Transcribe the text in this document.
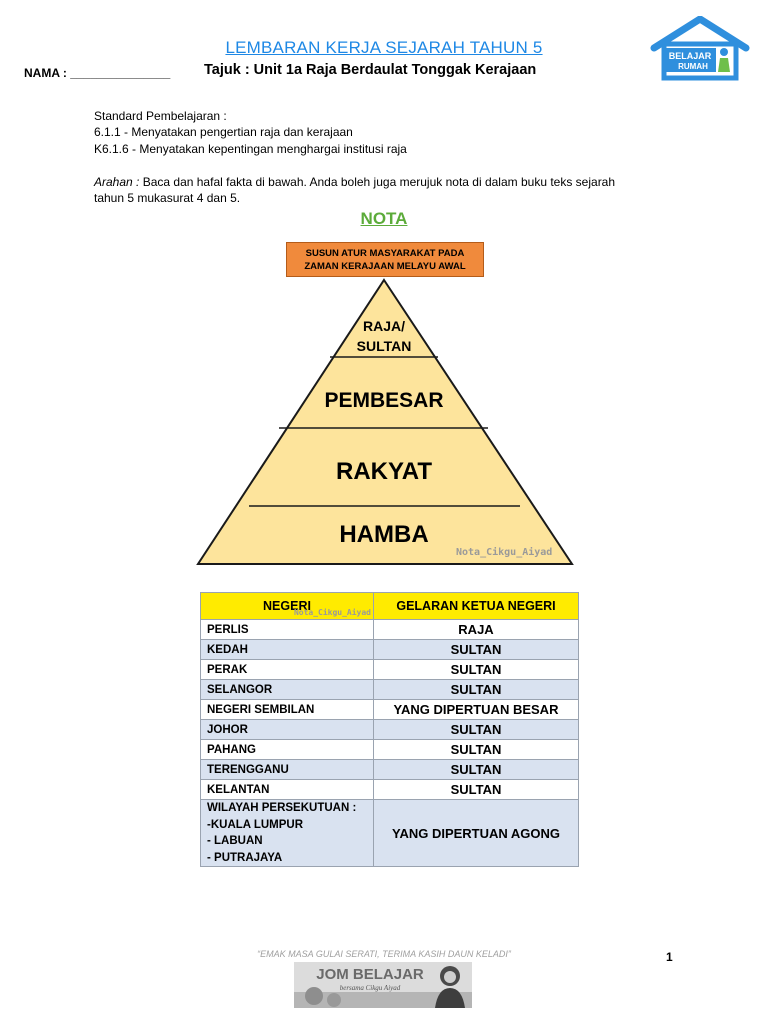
LEMBARAN KERJA SEJARAH TAHUN 5
NAMA : _______________ Tajuk : Unit 1a Raja Berdaulat Tonggak Kerajaan
BELAJAR
RUMAH
Standard Pembelajaran :
6.1.1 - Menyatakan pengertian raja dan kerajaan
K6.1.6 - Menyatakan kepentingan menghargai institusi raja
Arahan : Baca dan hafal fakta di bawah. Anda boleh juga merujuk nota di dalam buku teks sejarah
tahun 5 mukasurat 4 dan 5.
NOTA
SUSUN ATUR MASYARAKAT PADA
ZAMAN KERAJAAN MELAYU AWAL
RAJA/
SULTAN
PEMBESAR
RAKYAT
HAMBA
Nota_Cikgu_Aiyad
NEGERI
Nota_Cikgu_Aiyad	GELARAN KETUA NEGERI
PERLIS	RAJA
KEDAH	SULTAN
PERAK	SULTAN
SELANGOR	SULTAN
NEGERI SEMBILAN	YANG DIPERTUAN BESAR
JOHOR	SULTAN
PAHANG	SULTAN
TERENGGANU	SULTAN
KELANTAN	SULTAN

WILAYAH PERSEKUTUAN :
-KUALA LUMPUR
- LABUAN
- PUTRAJAYA	YANG DIPERTUAN AGONG
“EMAK MASA GULAI SERATI, TERIMA KASIH DAUN KELADI”	1
JOM BELAJAR
bersama Cikgu Aiyad
